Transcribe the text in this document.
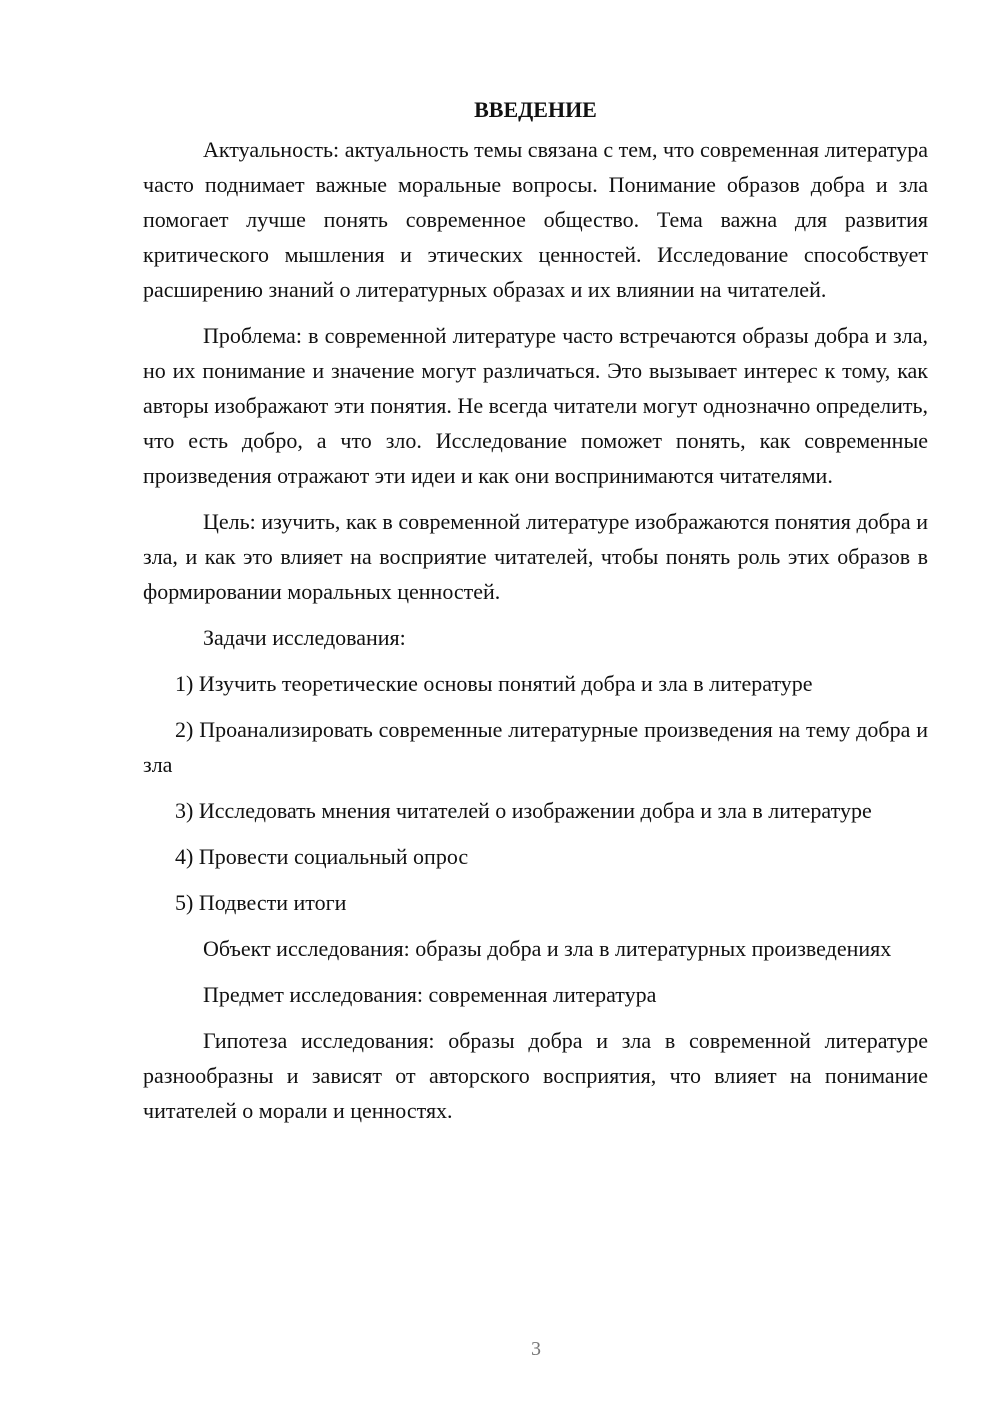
ВВЕДЕНИЕ

Актуальность: актуальность темы связана с тем, что современная литература часто поднимает важные моральные вопросы. Понимание образов добра и зла помогает лучше понять современное общество. Тема важна для развития критического мышления и этических ценностей. Исследование способствует расширению знаний о литературных образах и их влиянии на читателей.

Проблема: в современной литературе часто встречаются образы добра и зла, но их понимание и значение могут различаться. Это вызывает интерес к тому, как авторы изображают эти понятия. Не всегда читатели могут однозначно определить, что есть добро, а что зло. Исследование поможет понять, как современные произведения отражают эти идеи и как они воспринимаются читателями.

Цель: изучить, как в современной литературе изображаются понятия добра и зла, и как это влияет на восприятие читателей, чтобы понять роль этих образов в формировании моральных ценностей.

Задачи исследования:

1) Изучить теоретические основы понятий добра и зла в литературе

2) Проанализировать современные литературные произведения на тему добра и зла

3) Исследовать мнения читателей о изображении добра и зла в литературе

4) Провести социальный опрос

5) Подвести итоги

Объект исследования: образы добра и зла в литературных произведениях

Предмет исследования: современная литература

Гипотеза исследования: образы добра и зла в современной литературе разнообразны и зависят от авторского восприятия, что влияет на понимание читателей о морали и ценностях.

3
